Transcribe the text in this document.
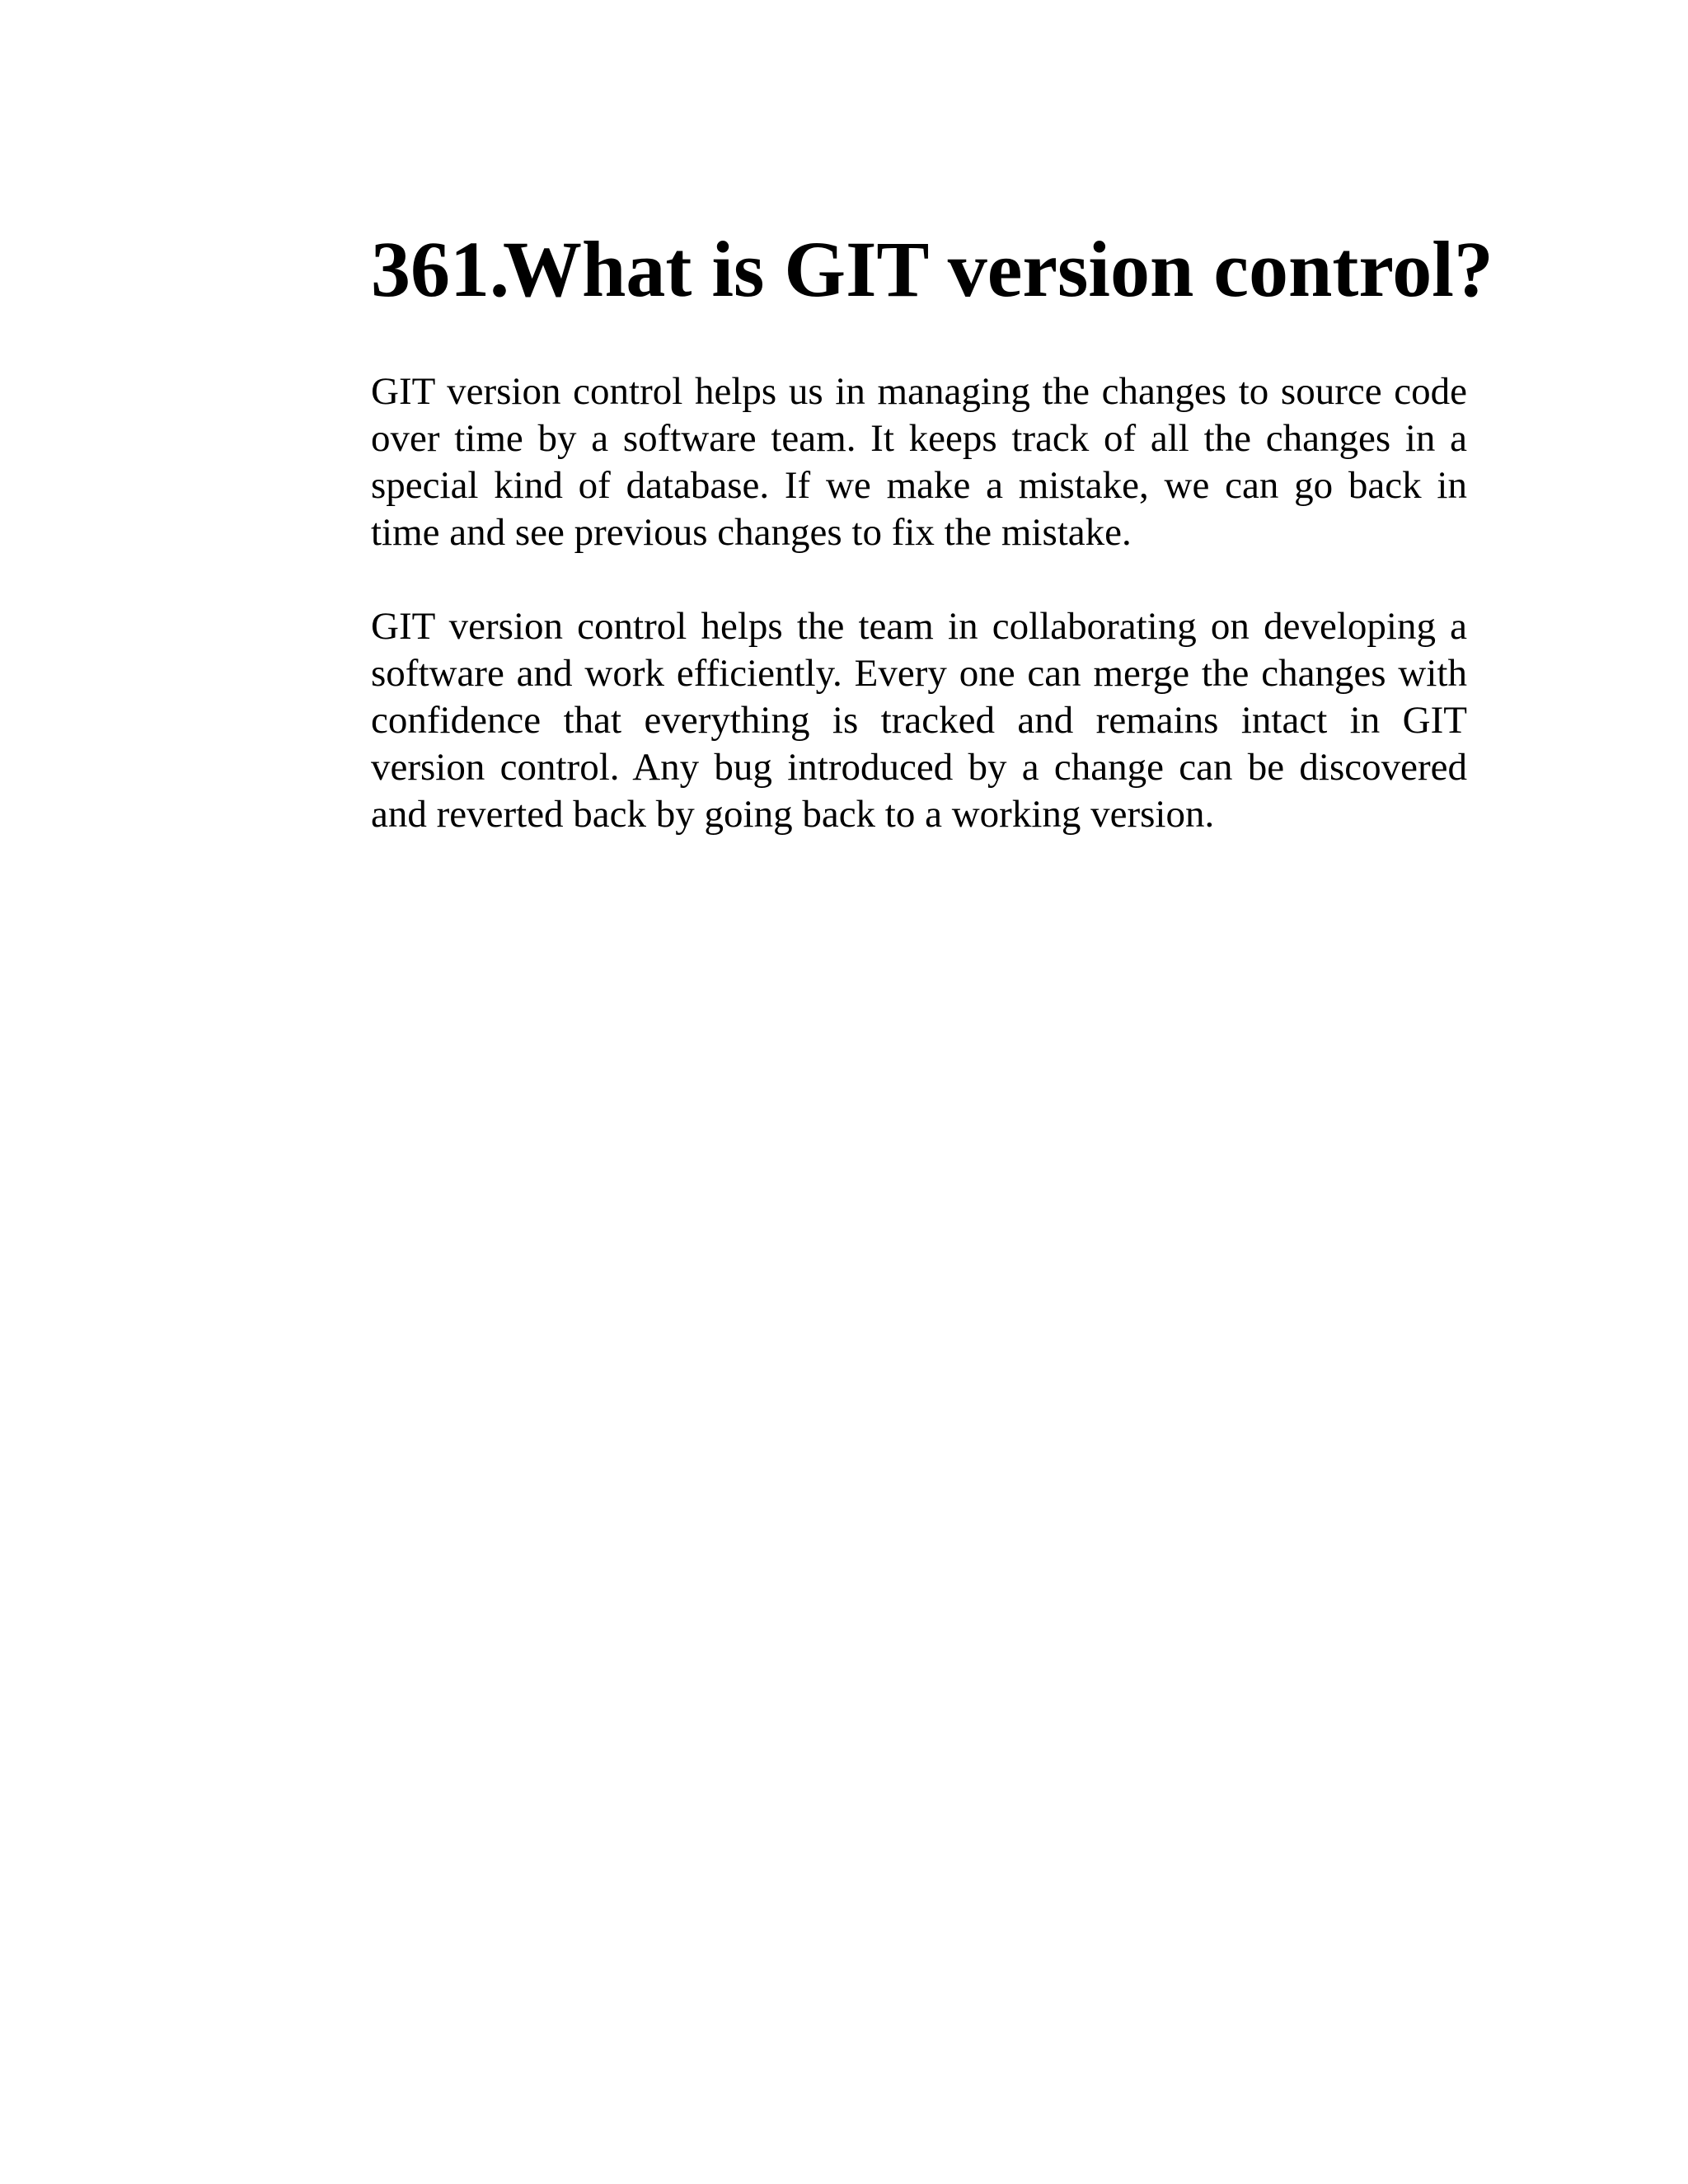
361.
What is GIT version control?

GIT version control helps us in managing the changes to source code over time by a software team. It keeps track of all the changes in a special kind of database. If we make a mistake, we can go back in time and see previous changes to fix the mistake.

GIT version control helps the team in collaborating on developing a software and work efficiently. Every one can merge the changes with confidence that everything is tracked and remains intact in GIT version control. Any bug introduced by a change can be discovered and reverted back by going back to a working version.
